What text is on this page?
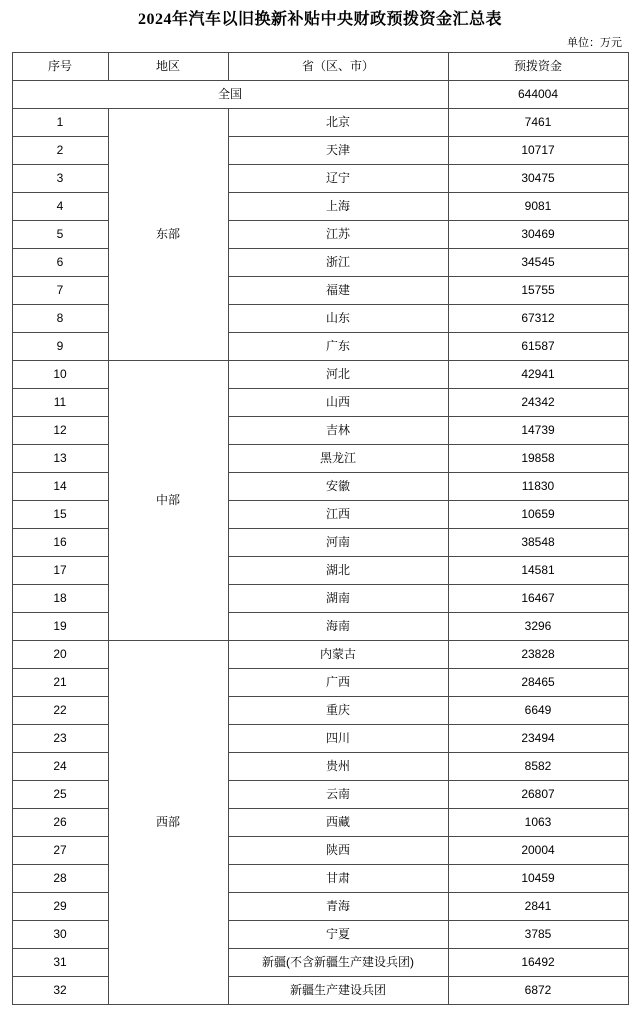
2024年汽车以旧换新补贴中央财政预拨资金汇总表
单位：万元
序号	地区	省（区、市）	预拨资金
全国			644004
1	东部	北京	7461
2		天津	10717
3		辽宁	30475
4		上海	9081
5		江苏	30469
6		浙江	34545
7		福建	15755
8		山东	67312
9		广东	61587
10	中部	河北	42941
11		山西	24342
12		吉林	14739
13		黑龙江	19858
14		安徽	11830
15		江西	10659
16		河南	38548
17		湖北	14581
18		湖南	16467
19		海南	3296
20	西部	内蒙古	23828
21		广西	28465
22		重庆	6649
23		四川	23494
24		贵州	8582
25		云南	26807
26		西藏	1063
27		陕西	20004
28		甘肃	10459
29		青海	2841
30		宁夏	3785
31		新疆(不含新疆生产建设兵团)	16492
32		新疆生产建设兵团	6872
